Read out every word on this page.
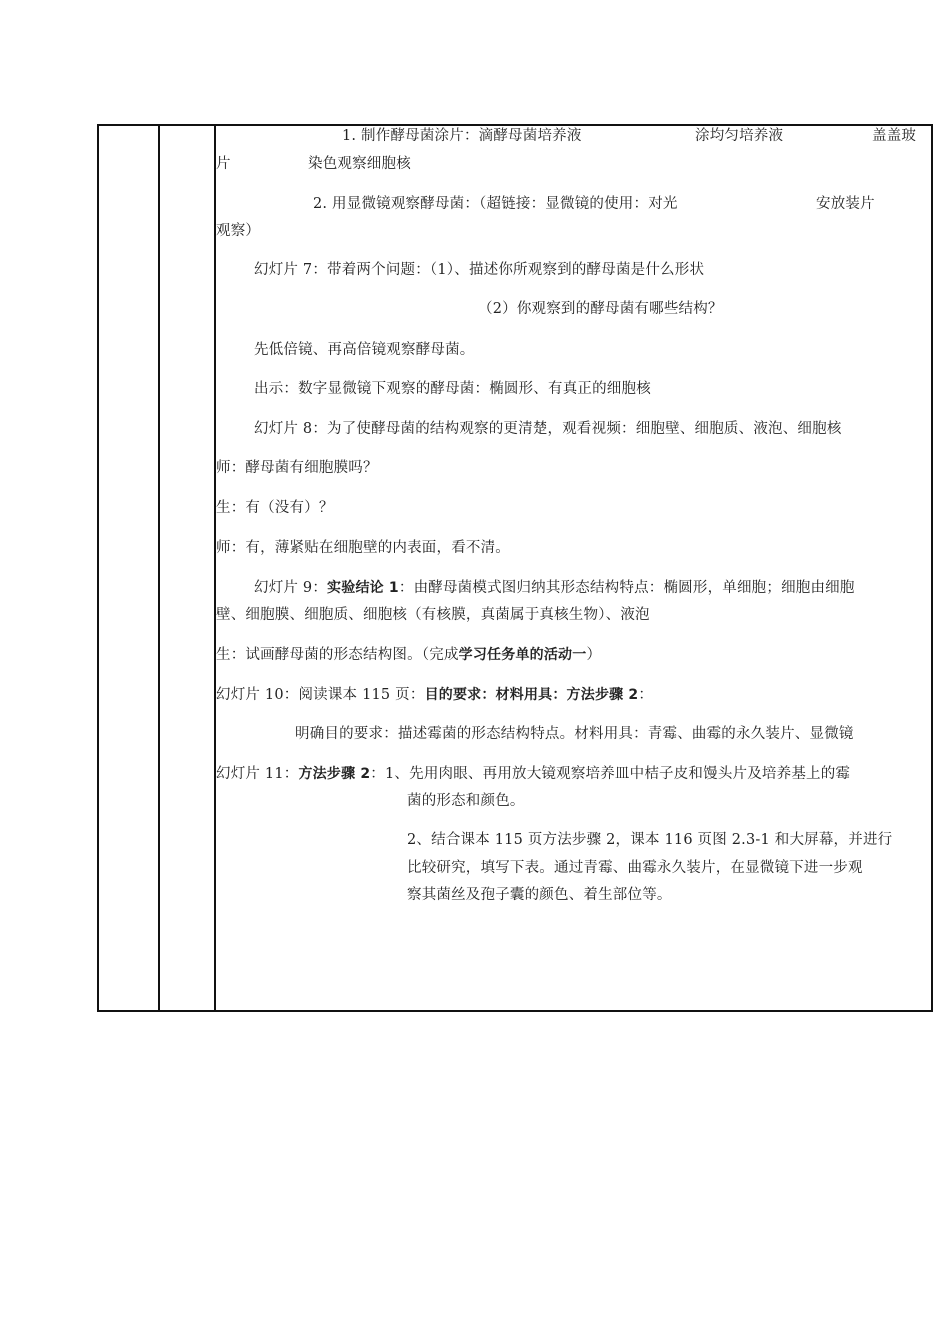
1. 制作酵母菌涂片：滴酵母菌培养液	涂均匀培养液	盖盖玻
片	染色观察细胞核
2. 用显微镜观察酵母菌：（超链接：显微镜的使用：对光	安放装片
观察）
幻灯片 7：带着两个问题：（1）、描述你所观察到的酵母菌是什么形状
（2）你观察到的酵母菌有哪些结构？
先低倍镜、再高倍镜观察酵母菌。
出示：数字显微镜下观察的酵母菌：椭圆形、有真正的细胞核
幻灯片 8：为了使酵母菌的结构观察的更清楚，观看视频：细胞壁、细胞质、液泡、细胞核
师：酵母菌有细胞膜吗？
生：有（没有）？
师：有，薄紧贴在细胞壁的内表面，看不清。
幻灯片 9：实验结论 1：由酵母菌模式图归纳其形态结构特点：椭圆形，单细胞；细胞由细胞
壁、细胞膜、细胞质、细胞核（有核膜，真菌属于真核生物）、液泡
生：试画酵母菌的形态结构图。（完成学习任务单的活动一）
幻灯片 10：阅读课本 115 页：目的要求：材料用具：方法步骤 2：
明确目的要求：描述霉菌的形态结构特点。材料用具：青霉、曲霉的永久装片、显微镜
幻灯片 11：方法步骤 2：1、先用肉眼、再用放大镜观察培养皿中桔子皮和馒头片及培养基上的霉
菌的形态和颜色。
2、结合课本 115 页方法步骤 2，课本 116 页图 2.3-1 和大屏幕，并进行
比较研究，填写下表。通过青霉、曲霉永久装片，在显微镜下进一步观
察其菌丝及孢子囊的颜色、着生部位等。
